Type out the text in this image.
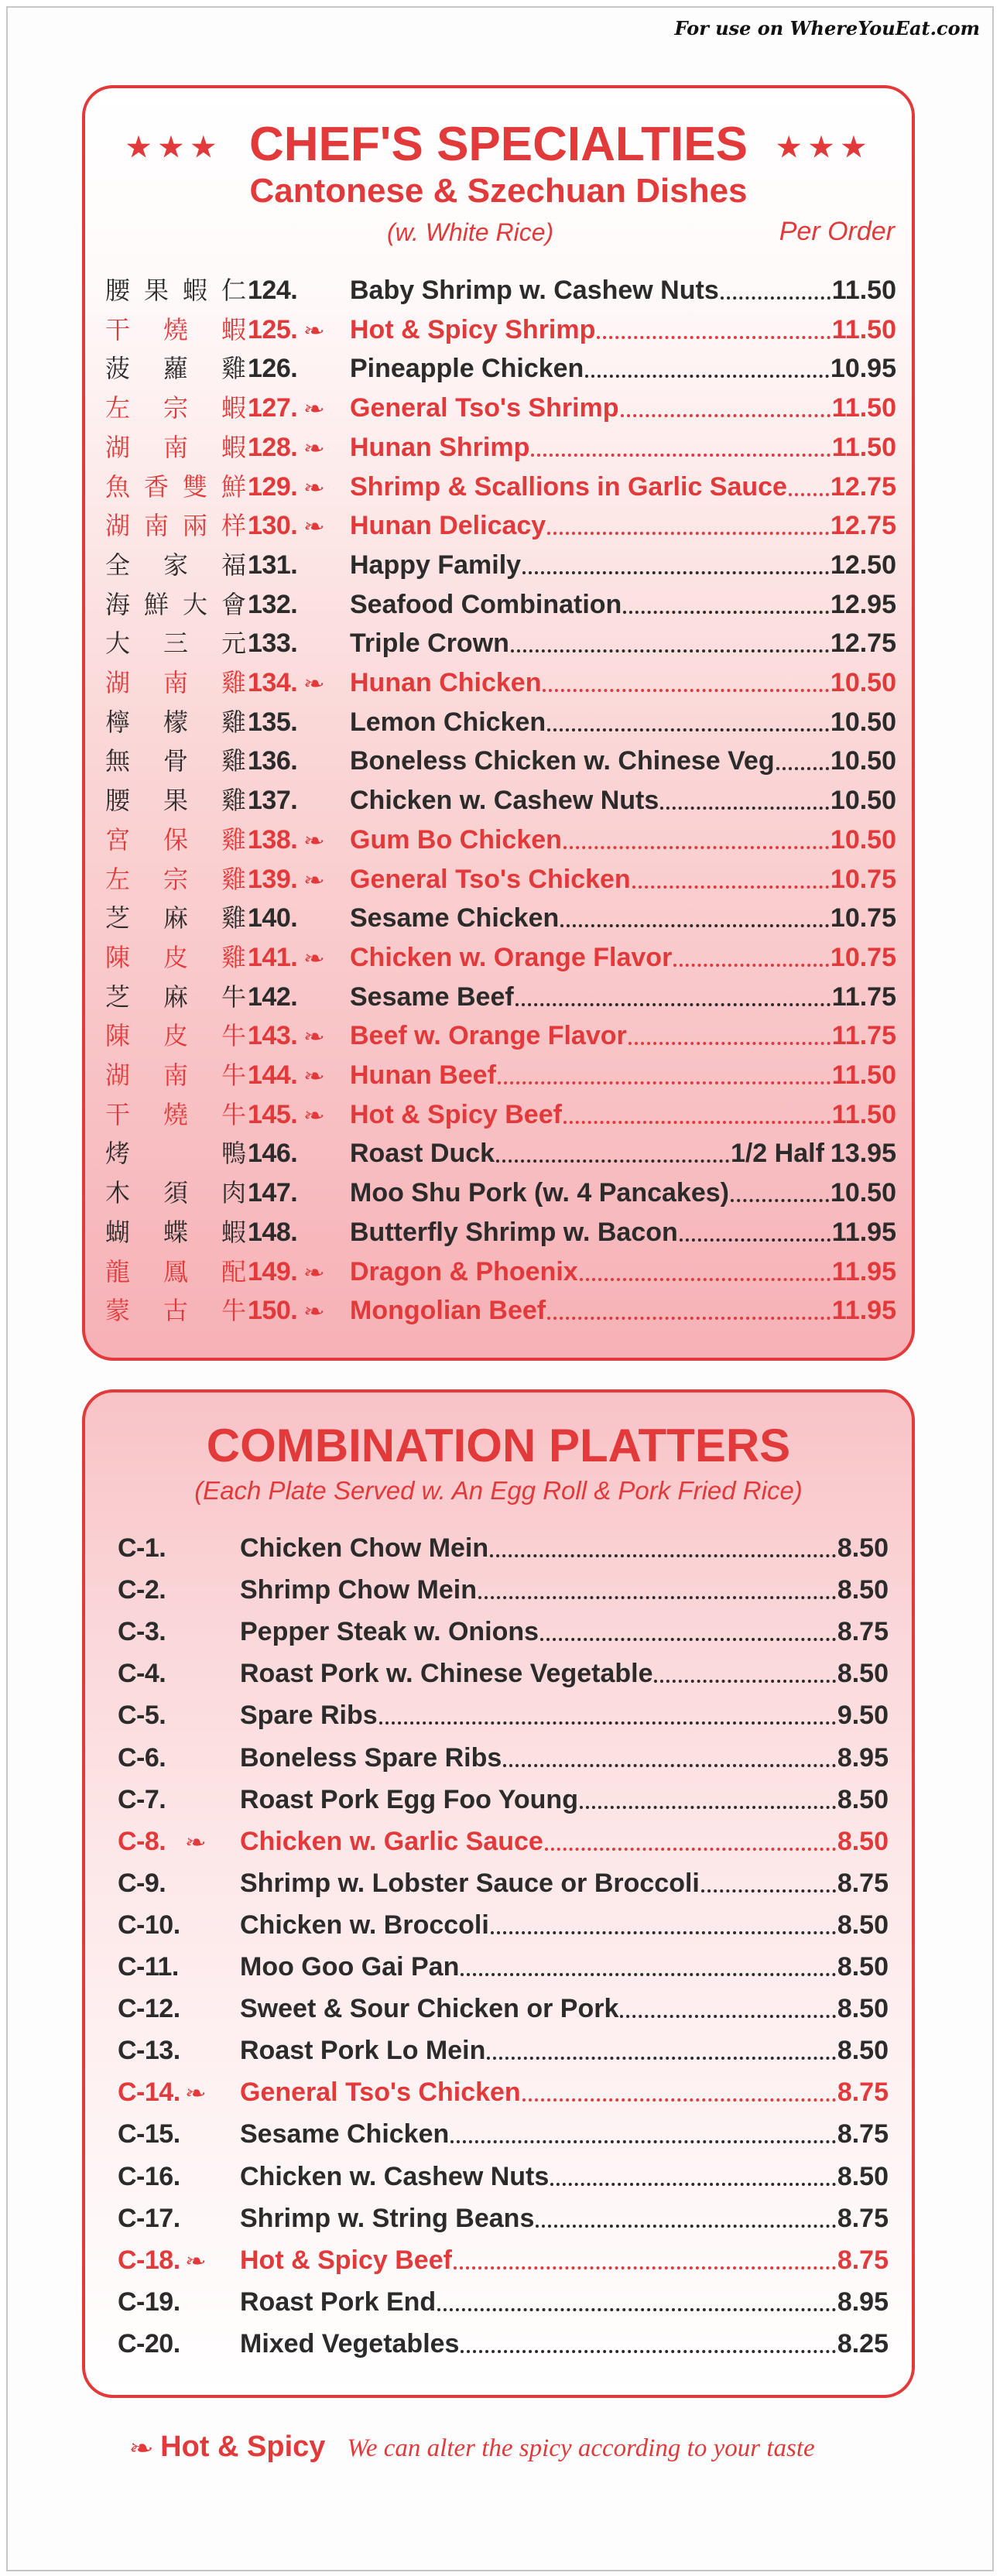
For use on WhereYouEat.com
★★★ CHEF'S SPECIALTIES ★★★
Cantonese & Szechuan Dishes
(w. White Rice)	Per Order
腰 果 蝦 仁 124. Baby Shrimp w. Cashew Nuts	11.50
干 燒 蝦 125. ❧ Hot & Spicy Shrimp	11.50
菠 蘿 雞 126. Pineapple Chicken	10.95
左 宗 蝦 127. ❧ General Tso's Shrimp	11.50
湖 南 蝦 128. ❧ Hunan Shrimp	11.50
魚 香 雙 鮮 129. ❧ Shrimp & Scallions in Garlic Sauce 12.75
湖 南 兩 样 130. ❧ Hunan Delicacy	12.75
全 家 福 131. Happy Family	12.50
海 鮮 大 會 132. Seafood Combination	12.95
大 三 元 133. Triple Crown	12.75
湖 南 雞 134. ❧ Hunan Chicken	10.50
檸 檬 雞 135. Lemon Chicken	10.50
無 骨 雞 136. Boneless Chicken w. Chinese Veg 10.50
腰 果 雞 137. Chicken w. Cashew Nuts	10.50
宮 保 雞 138. ❧ Gum Bo Chicken	10.50
左 宗 雞 139. ❧ General Tso's Chicken	10.75
芝 麻 雞 140. Sesame Chicken	10.75
陳 皮 雞 141. ❧ Chicken w. Orange Flavor	10.75
芝 麻 牛 142. Sesame Beef	11.75
陳 皮 牛 143. ❧ Beef w. Orange Flavor	11.75
湖 南 牛 144. ❧ Hunan Beef	11.50
干 燒 牛 145. ❧ Hot & Spicy Beef	11.50
烤	鴨 146. Roast Duck	1/2 Half 13.95
木 須 肉 147. Moo Shu Pork (w. 4 Pancakes)	10.50
蝴 蝶 蝦 148. Butterfly Shrimp w. Bacon	11.95
龍 鳳 配 149. ❧ Dragon & Phoenix	11.95
蒙 古 牛 150. ❧ Mongolian Beef	11.95
COMBINATION PLATTERS
(Each Plate Served w. An Egg Roll & Pork Fried Rice)
C-1.	Chicken Chow Mein	8.50
C-2.	Shrimp Chow Mein	8.50
C-3.	Pepper Steak w. Onions	8.75
C-4.	Roast Pork w. Chinese Vegetable	8.50
C-5.	Spare Ribs	9.50
C-6.	Boneless Spare Ribs	8.95
C-7.	Roast Pork Egg Foo Young	8.50
C-8. ❧ Chicken w. Garlic Sauce	8.50
C-9.	Shrimp w. Lobster Sauce or Broccoli	8.75
C-10. Chicken w. Broccoli	8.50
C-11. Moo Goo Gai Pan	8.50
C-12. Sweet & Sour Chicken or Pork	8.50
C-13. Roast Pork Lo Mein	8.50
C-14. ❧ General Tso's Chicken	8.75
C-15. Sesame Chicken	8.75
C-16. Chicken w. Cashew Nuts	8.50
C-17. Shrimp w. String Beans	8.75
C-18. ❧ Hot & Spicy Beef	8.75
C-19. Roast Pork End	8.95
C-20. Mixed Vegetables	8.25
❧ Hot & Spicy We can alter the spicy according to your taste
